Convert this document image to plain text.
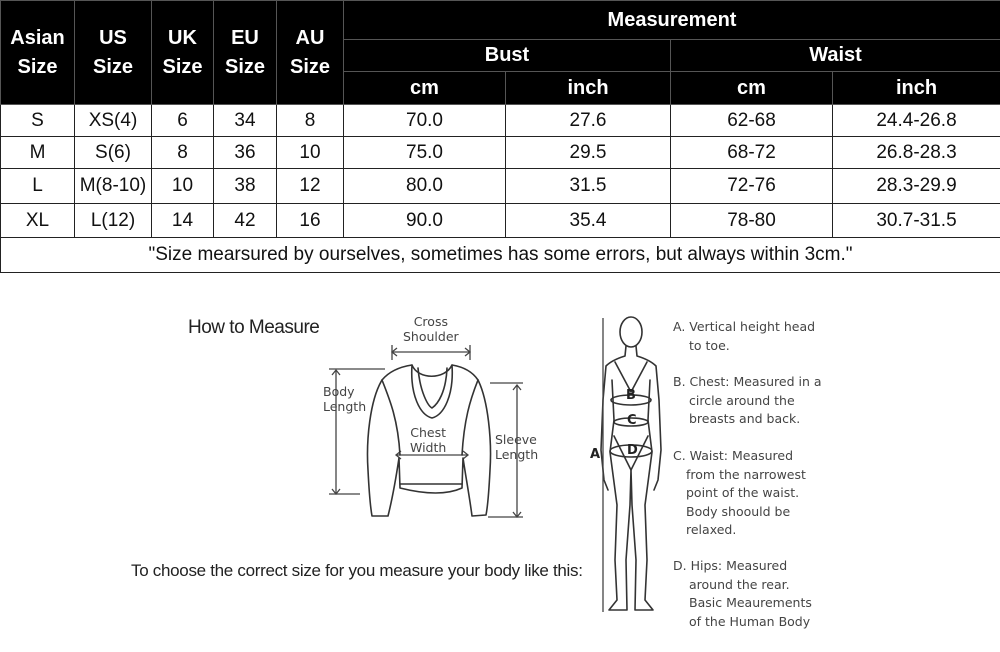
Asian
Size	US
Size	UK
Size	EU
Size	AU
Size	Measurement			
					Bust		Waist	
					cm	inch	cm	inch
S	XS(4)	6	34	8	70.0	27.6	62-68	24.4-26.8
M	S(6)	8	36	10	75.0	29.5	68-72	26.8-28.3
L	M(8-10)	10	38	12	80.0	31.5	72-76	28.3-29.9
XL	L(12)	14	42	16	90.0	35.4	78-80	30.7-31.5
"Size mearsured by ourselves, sometimes has some errors, but always within 3cm."								
How to Measure	Cross
Shoulder
Body
Length
Chest
Width
Sleeve
Length
To choose the correct size for you measure your body like this:
B
C
D
A
A. Vertical height head
to toe.
B. Chest: Measured in a
circle around the
breasts and back.
C. Waist: Measured
from the narrowest
point of the waist.
Body shoould be
relaxed.
D. Hips: Measured
around the rear.
Basic Meaurements
of the Human Body
